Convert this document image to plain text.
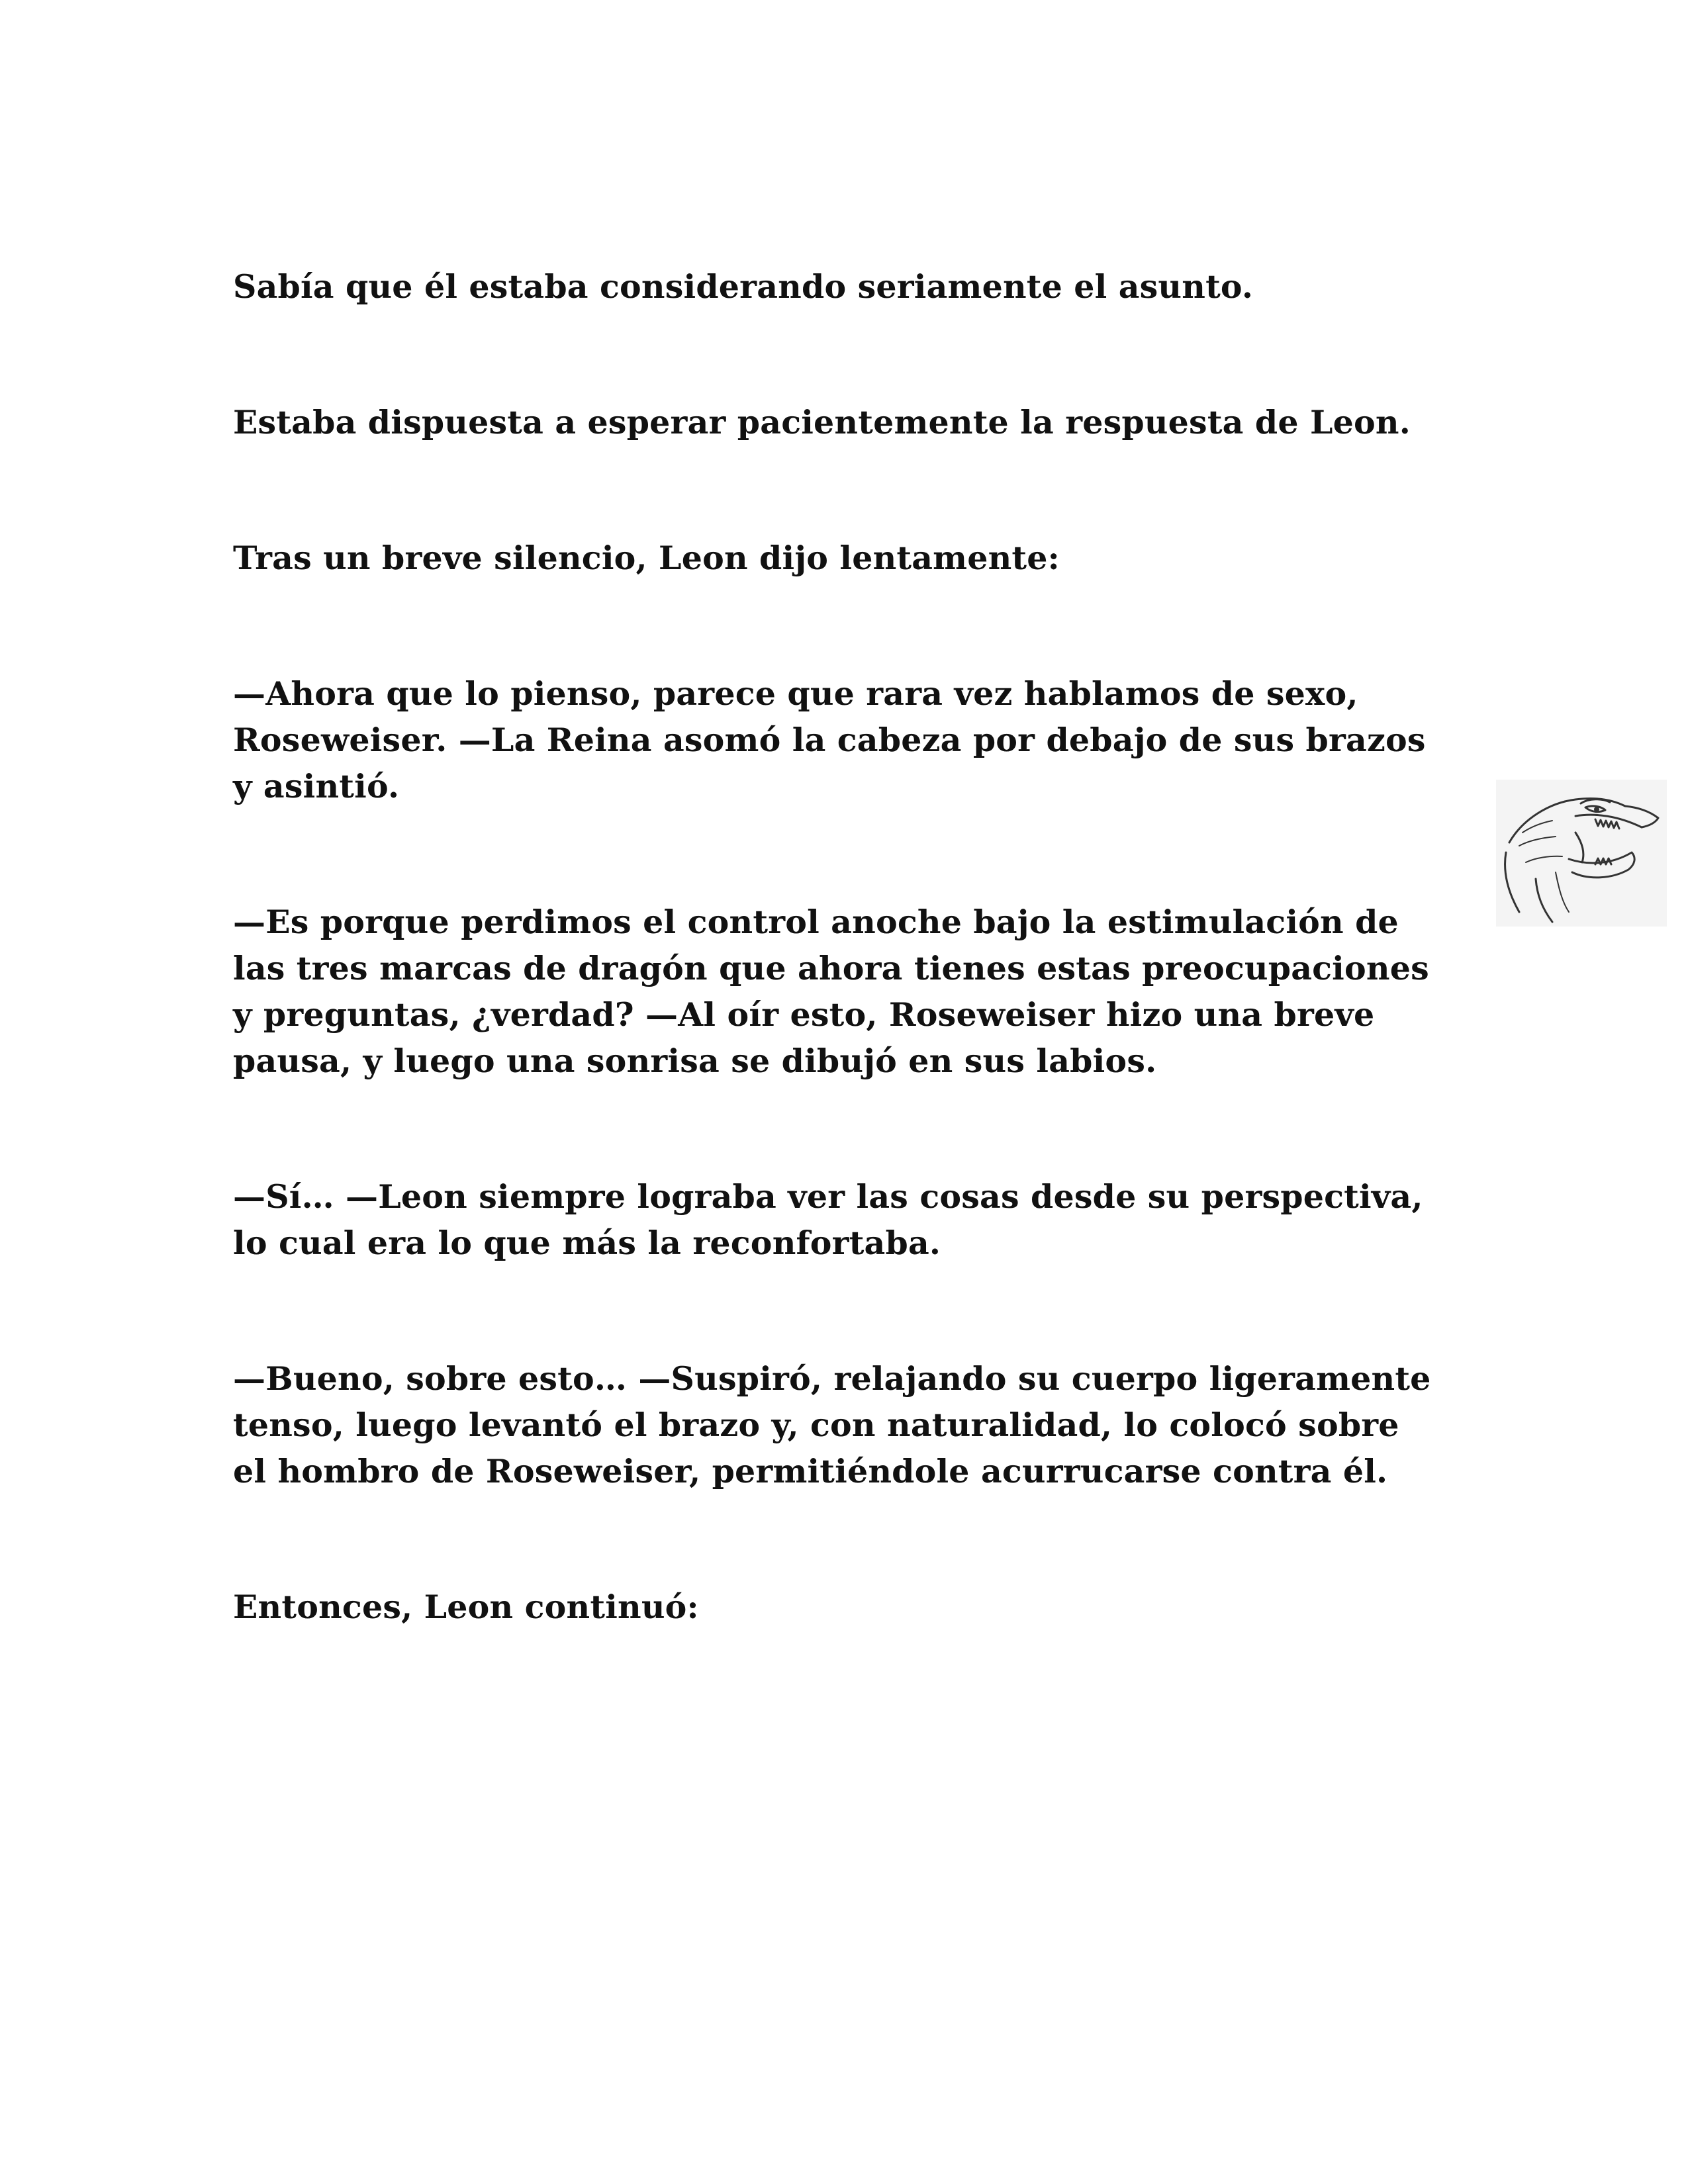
Sabía que él estaba considerando seriamente el asunto.

Estaba dispuesta a esperar pacientemente la respuesta de Leon.

Tras un breve silencio, Leon dijo lentamente:

—Ahora que lo pienso, parece que rara vez hablamos de sexo, Roseweiser. —La Reina asomó la cabeza por debajo de sus brazos y asintió.

—Es porque perdimos el control anoche bajo la estimulación de las tres marcas de dragón que ahora tienes estas preocupaciones y preguntas, ¿verdad? —Al oír esto, Roseweiser hizo una breve pausa, y luego una sonrisa se dibujó en sus labios.

—Sí… —Leon siempre lograba ver las cosas desde su perspectiva, lo cual era lo que más la reconfortaba.

—Bueno, sobre esto… —Suspiró, relajando su cuerpo ligeramente tenso, luego levantó el brazo y, con naturalidad, lo colocó sobre el hombro de Roseweiser, permitiéndole acurrucarse contra él.

Entonces, Leon continuó:
